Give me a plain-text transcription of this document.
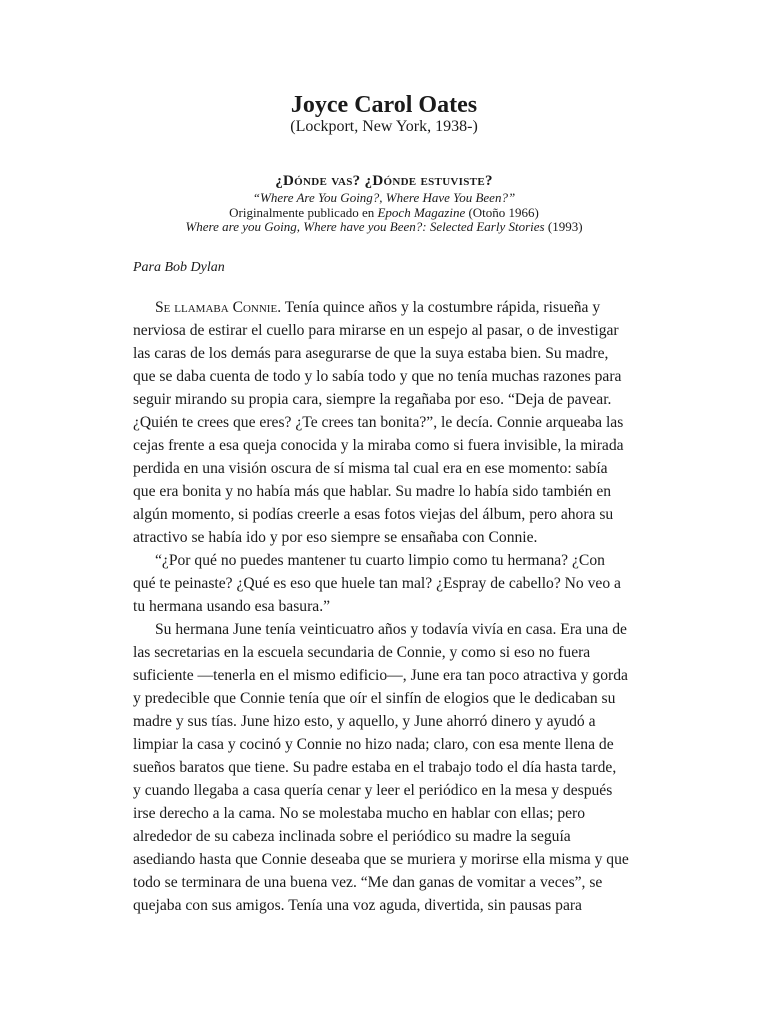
Joyce Carol Oates
(Lockport, New York, 1938-)
¿Dónde vas? ¿Dónde estuviste?
“Where Are You Going?, Where Have You Been?”
Originalmente publicado en Epoch Magazine (Otoño 1966)
Where are you Going, Where have you Been?: Selected Early Stories (1993)
Para Bob Dylan
Se llamaba Connie. Tenía quince años y la costumbre rápida, risueña y
nerviosa de estirar el cuello para mirarse en un espejo al pasar, o de investigar
las caras de los demás para asegurarse de que la suya estaba bien. Su madre,
que se daba cuenta de todo y lo sabía todo y que no tenía muchas razones para
seguir mirando su propia cara, siempre la regañaba por eso. “Deja de pavear.
¿Quién te crees que eres? ¿Te crees tan bonita?”, le decía. Connie arqueaba las
cejas frente a esa queja conocida y la miraba como si fuera invisible, la mirada
perdida en una visión oscura de sí misma tal cual era en ese momento: sabía
que era bonita y no había más que hablar. Su madre lo había sido también en
algún momento, si podías creerle a esas fotos viejas del álbum, pero ahora su
atractivo se había ido y por eso siempre se ensañaba con Connie.
“¿Por qué no puedes mantener tu cuarto limpio como tu hermana? ¿Con
qué te peinaste? ¿Qué es eso que huele tan mal? ¿Espray de cabello? No veo a
tu hermana usando esa basura.”
Su hermana June tenía veinticuatro años y todavía vivía en casa. Era una de
las secretarias en la escuela secundaria de Connie, y como si eso no fuera
suficiente —tenerla en el mismo edificio—, June era tan poco atractiva y gorda
y predecible que Connie tenía que oír el sinfín de elogios que le dedicaban su
madre y sus tías. June hizo esto, y aquello, y June ahorró dinero y ayudó a
limpiar la casa y cocinó y Connie no hizo nada; claro, con esa mente llena de
sueños baratos que tiene. Su padre estaba en el trabajo todo el día hasta tarde,
y cuando llegaba a casa quería cenar y leer el periódico en la mesa y después
irse derecho a la cama. No se molestaba mucho en hablar con ellas; pero
alrededor de su cabeza inclinada sobre el periódico su madre la seguía
asediando hasta que Connie deseaba que se muriera y morirse ella misma y que
todo se terminara de una buena vez. “Me dan ganas de vomitar a veces”, se
quejaba con sus amigos. Tenía una voz aguda, divertida, sin pausas para
